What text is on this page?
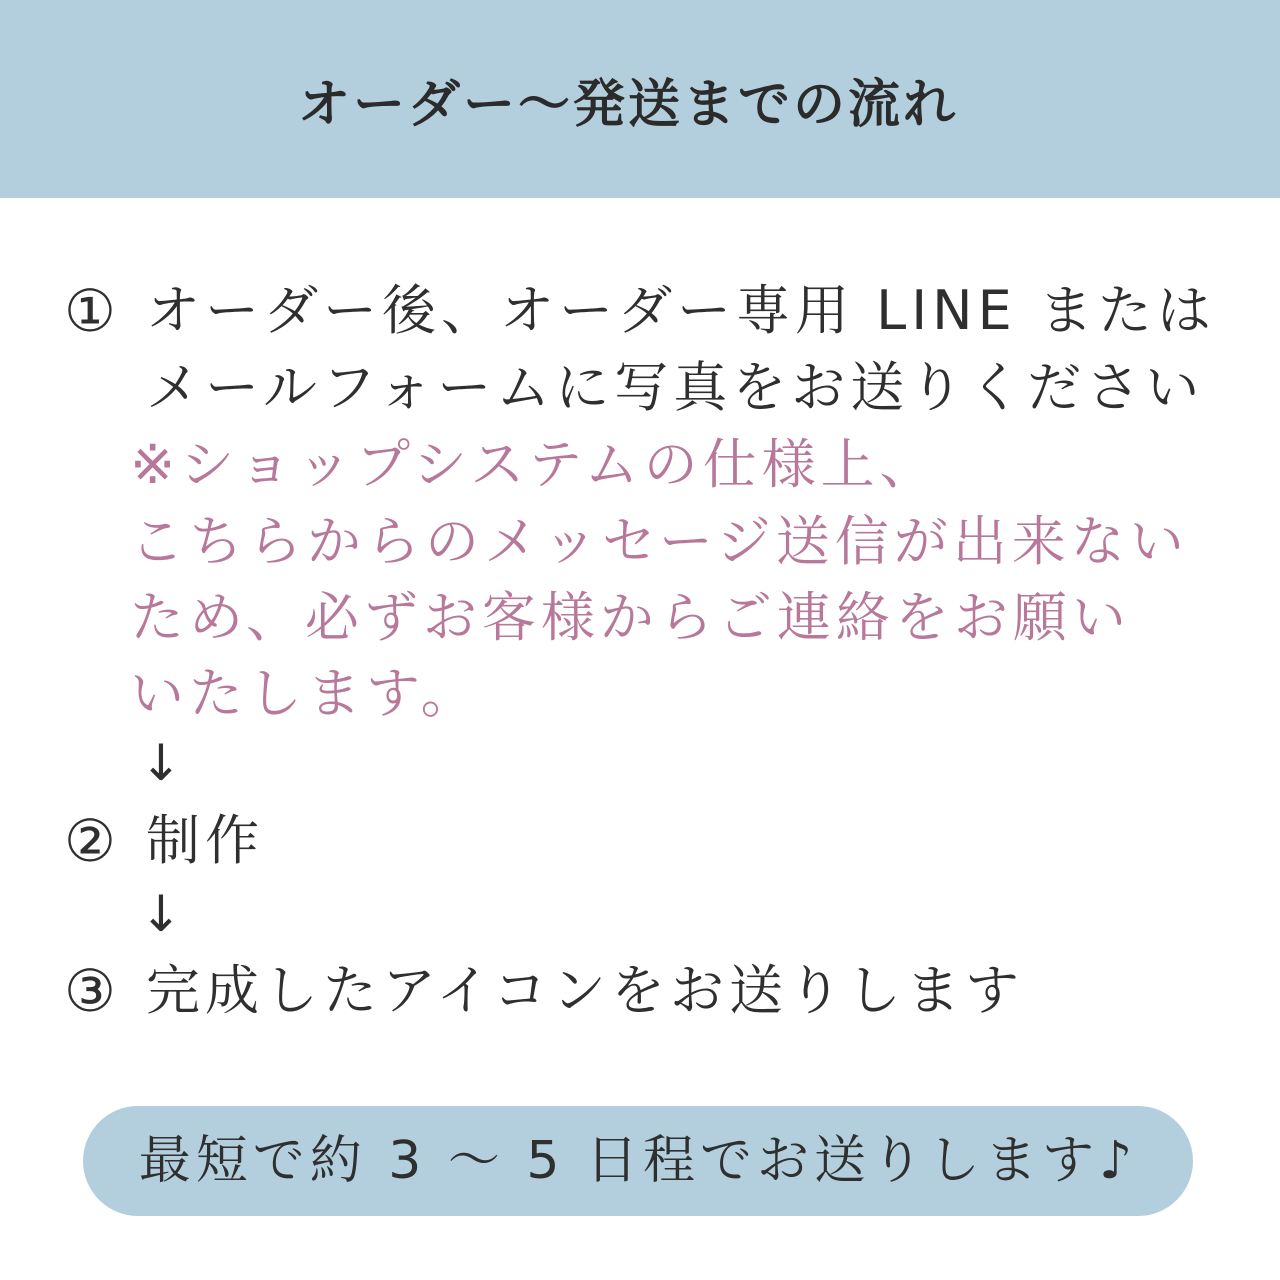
オーダー〜発送までの流れ
① オーダー後、オーダー専用 LINE または
メールフォームに写真をお送りください
※ショップシステムの仕様上、
こちらからのメッセージ送信が出来ない
ため、必ずお客様からご連絡をお願い
いたします。
↓
② 制作
↓
③ 完成したアイコンをお送りします
最短で約 3 〜 5 日程でお送りします♪
